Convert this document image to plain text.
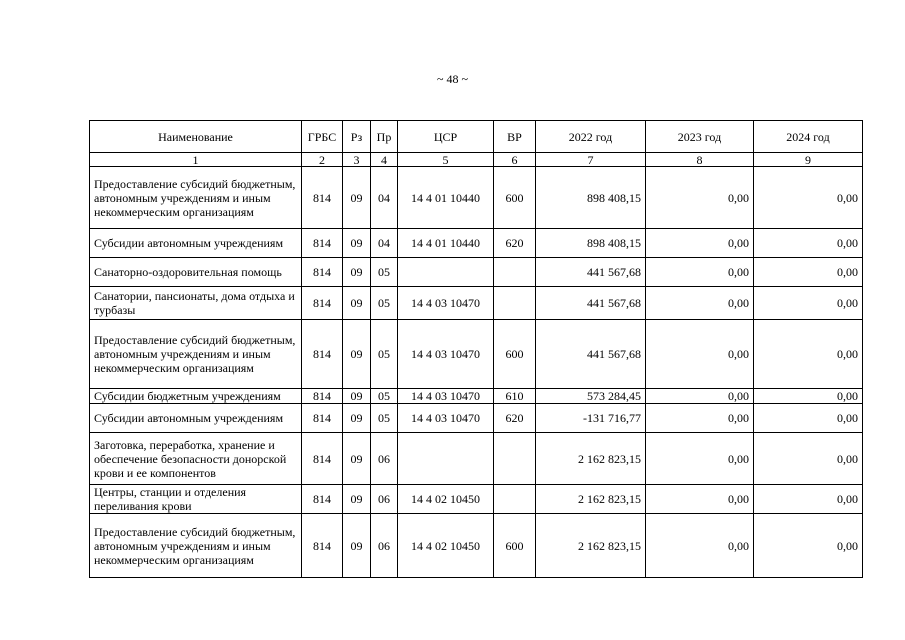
~ 48 ~
Наименование	ГРБС	Рз	Пр	ЦСР	ВР	2022 год	2023 год	2024 год
1	2	3	4	5	6	7	8	9
Предоставление субсидий бюджетным, автономным учреждениям и иным некоммерческим организациям	814	09	04	14 4 01 10440	600	898 408,15	0,00	0,00
Субсидии автономным учреждениям	814	09	04	14 4 01 10440	620	898 408,15	0,00	0,00
Санаторно-оздоровительная помощь	814	09	05			441 567,68	0,00	0,00
Санатории, пансионаты, дома отдыха и турбазы	814	09	05	14 4 03 10470		441 567,68	0,00	0,00
Предоставление субсидий бюджетным, автономным учреждениям и иным некоммерческим организациям	814	09	05	14 4 03 10470	600	441 567,68	0,00	0,00
Субсидии бюджетным учреждениям	814	09	05	14 4 03 10470	610	573 284,45	0,00	0,00
Субсидии автономным учреждениям	814	09	05	14 4 03 10470	620	-131 716,77	0,00	0,00
Заготовка, переработка, хранение и обеспечение безопасности донорской крови и ее компонентов	814	09	06			2 162 823,15	0,00	0,00
Центры, станции и отделения переливания крови	814	09	06	14 4 02 10450		2 162 823,15	0,00	0,00
Предоставление субсидий бюджетным, автономным учреждениям и иным некоммерческим организациям	814	09	06	14 4 02 10450	600	2 162 823,15	0,00	0,00
